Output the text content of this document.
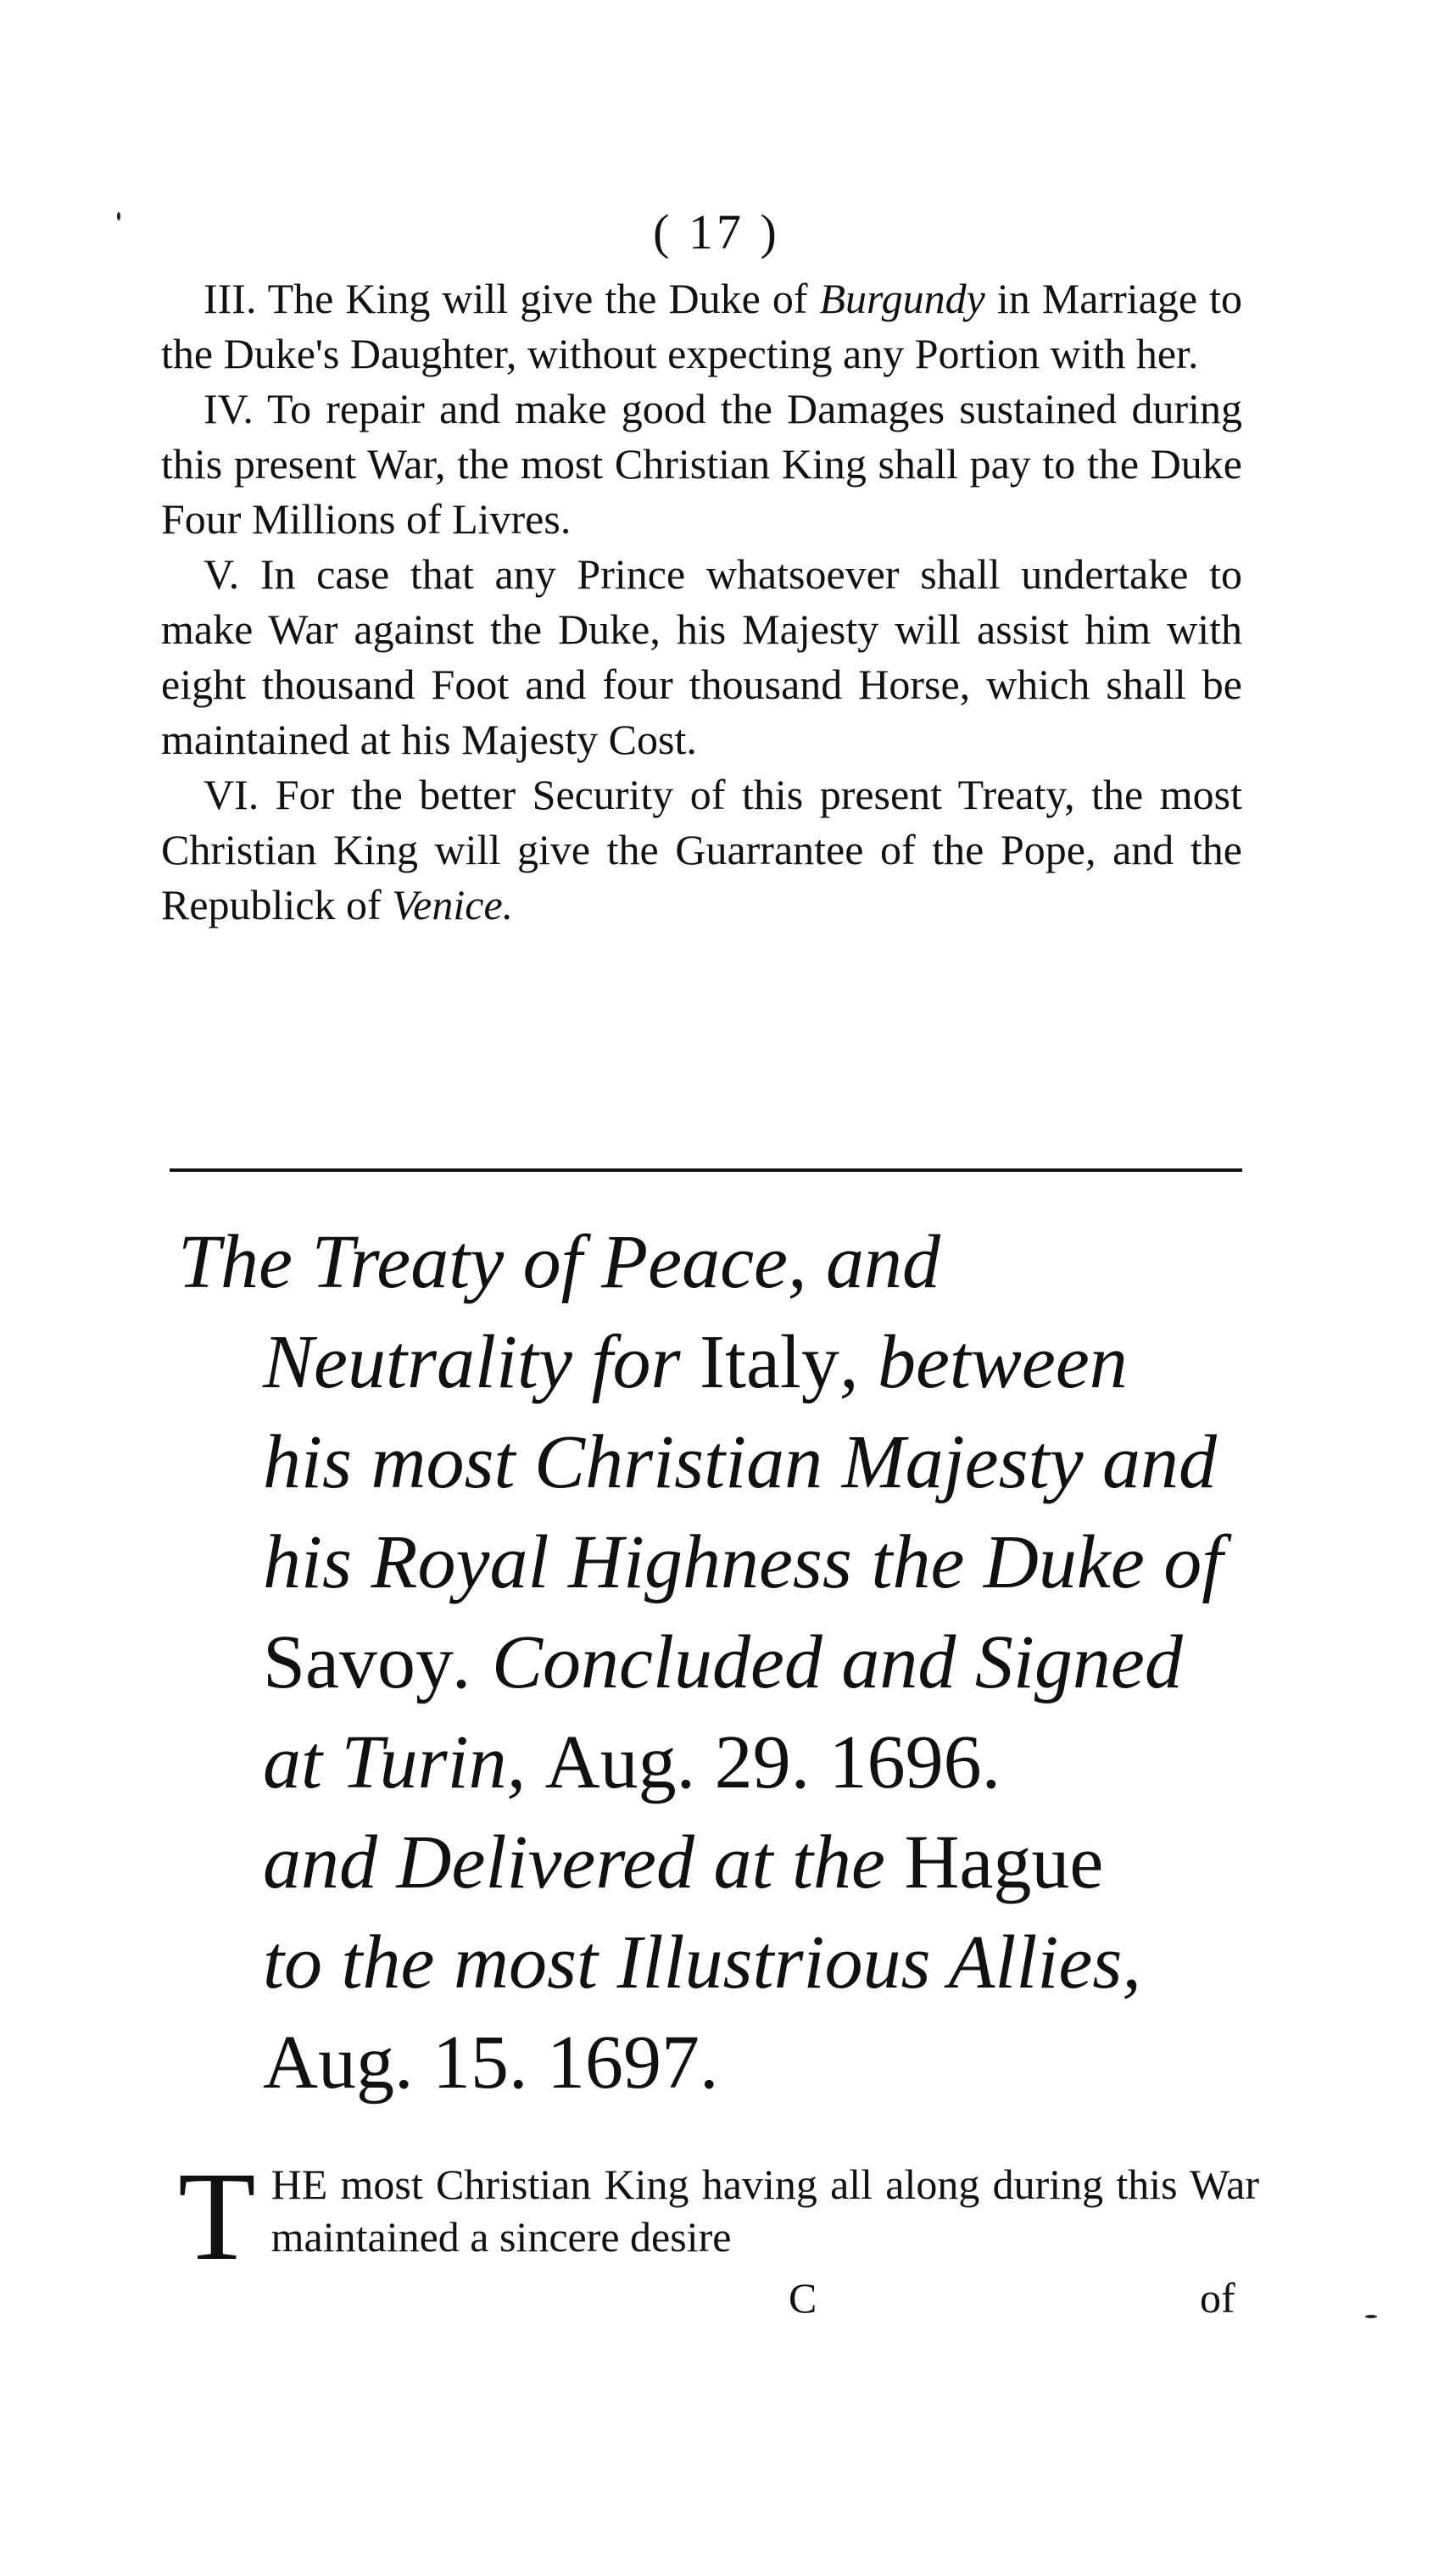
( 17 )

III. The King will give the Duke of Burgundy in Marriage to the Duke's Daughter, without expecting any Portion with her.

IV. To repair and make good the Damages sustained during this present War, the most Christian King shall pay to the Duke Four Millions of Livres.

V. In case that any Prince whatsoever shall undertake to make War against the Duke, his Majesty will assist him with eight thousand Foot and four thousand Horse, which shall be maintained at his Majesty Cost.

VI. For the better Security of this present Treaty, the most Christian King will give the Guarrantee of the Pope, and the Republick of Venice.

The Treaty of Peace, and
Neutrality for Italy, between
his most Christian Majesty and
his Royal Highness the Duke of
Savoy. Concluded and Signed
at Turin, Aug. 29. 1696.
and Delivered at the Hague
to the most Illustrious Allies,
Aug. 15. 1697.
T HE most Christian King having all along during this War maintained a sincere desire

C	of
